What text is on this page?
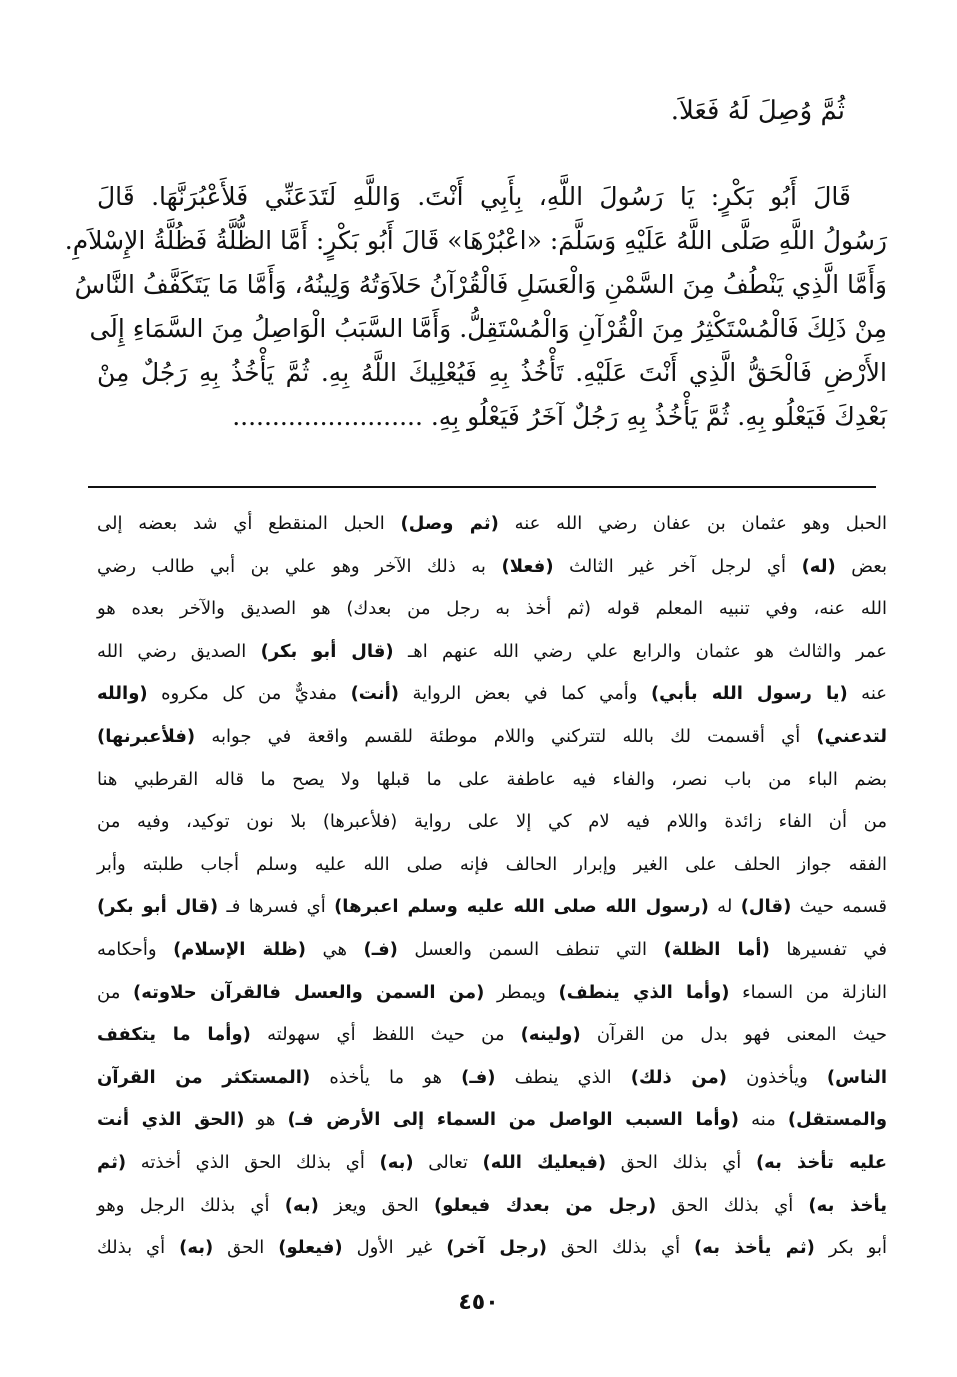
ثُمَّ وُصِلَ لَهُ فَعَلاَ.
قَالَ أَبُو بَكْرٍ: يَا رَسُولَ اللَّهِ، بِأَبِي أَنْتَ. وَاللَّهِ لَتَدَعَنِّي فَلأَعْبُرَنَّهَا. قَالَ
رَسُولُ اللَّهِ صَلَّى اللَّهُ عَلَيْهِ وَسَلَّمَ: «اعْبُرْهَا» قَالَ أَبُو بَكْرٍ: أَمَّا الظُّلَّةُ فَظُلَّةُ الإِسْلاَمِ.
وَأَمَّا الَّذِي يَنْطُفُ مِنَ السَّمْنِ وَالْعَسَلِ فَالْقُرْآنُ حَلاَوَتُهُ وَلِينُهُ، وَأَمَّا مَا يَتَكَفَّفُ النَّاسُ
مِنْ ذَلِكَ فَالْمُسْتَكْثِرُ مِنَ الْقُرْآنِ وَالْمُسْتَقِلُّ. وَأَمَّا السَّبَبُ الْوَاصِلُ مِنَ السَّمَاءِ إِلَى
الأَرْضِ فَالْحَقُّ الَّذِي أَنْتَ عَلَيْهِ. تَأْخُذُ بِهِ فَيُعْلِيكَ اللَّهُ بِهِ. ثُمَّ يَأْخُذُ بِهِ رَجُلٌ مِنْ
بَعْدِكَ فَيَعْلُو بِهِ. ثُمَّ يَأْخُذُ بِهِ رَجُلٌ آخَرُ فَيَعْلُو بِهِ. ........................
الحبل وهو عثمان بن عفان رضي الله عنه (ثم وصل) الحبل المنقطع أي شد بعضه إلى
بعض (له) أي لرجل آخر غير الثالث (فعلا) به ذلك الآخر وهو علي بن أبي طالب رضي
الله عنه، وفي تنبيه المعلم قوله (ثم أخذ به رجل من بعدك) هو الصديق والآخر بعده هو
عمر والثالث هو عثمان والرابع علي رضي الله عنهم اهـ (قال أبو بكر) الصديق رضي الله
عنه (يا رسول الله بأبي) وأمي كما في بعض الرواية (أنت) مفديٌّ من كل مكروه (والله
لتدعني) أي أقسمت لك بالله لتتركني واللام موطئة للقسم واقعة في جوابه (فلأعبرنها)
بضم الباء من باب نصر، والفاء فيه عاطفة على ما قبلها ولا يصح ما قاله القرطبي هنا
من أن الفاء زائدة واللام فيه لام كي إلا على رواية (فلأعبرها) بلا نون توكيد، وفيه من
الفقه جواز الحلف على الغير وإبرار الحالف فإنه صلى الله عليه وسلم أجاب طلبته وأبر
قسمه حيث (قال) له (رسول الله صلى الله عليه وسلم اعبرها) أي فسرها فـ (قال أبو بكر)
في تفسيرها (أما الظلة) التي تنطف السمن والعسل (فـ) هي (ظلة الإسلام) وأحكامه
النازلة من السماء (وأما الذي ينطف) ويمطر (من السمن والعسل فالقرآن حلاوته) من
حيث المعنى فهو بدل من القرآن (ولينه) من حيث اللفظ أي سهولته (وأما ما يتكفف
الناس) ويأخذون (من ذلك) الذي ينطف (فـ) هو ما يأخذه (المستكثر من القرآن
والمستقل) منه (وأما السبب الواصل من السماء إلى الأرض فـ) هو (الحق الذي أنت
عليه تأخذ به) أي بذلك الحق (فيعليك الله) تعالى (به) أي بذلك الحق الذي أخذته (ثم
يأخذ به) أي بذلك الحق (رجل من بعدك فيعلو) الحق ويعز (به) أي بذلك الرجل وهو
أبو بكر (ثم يأخذ به) أي بذلك الحق (رجل آخر) غير الأول (فيعلو) الحق (به) أي بذلك
٤٥٠
